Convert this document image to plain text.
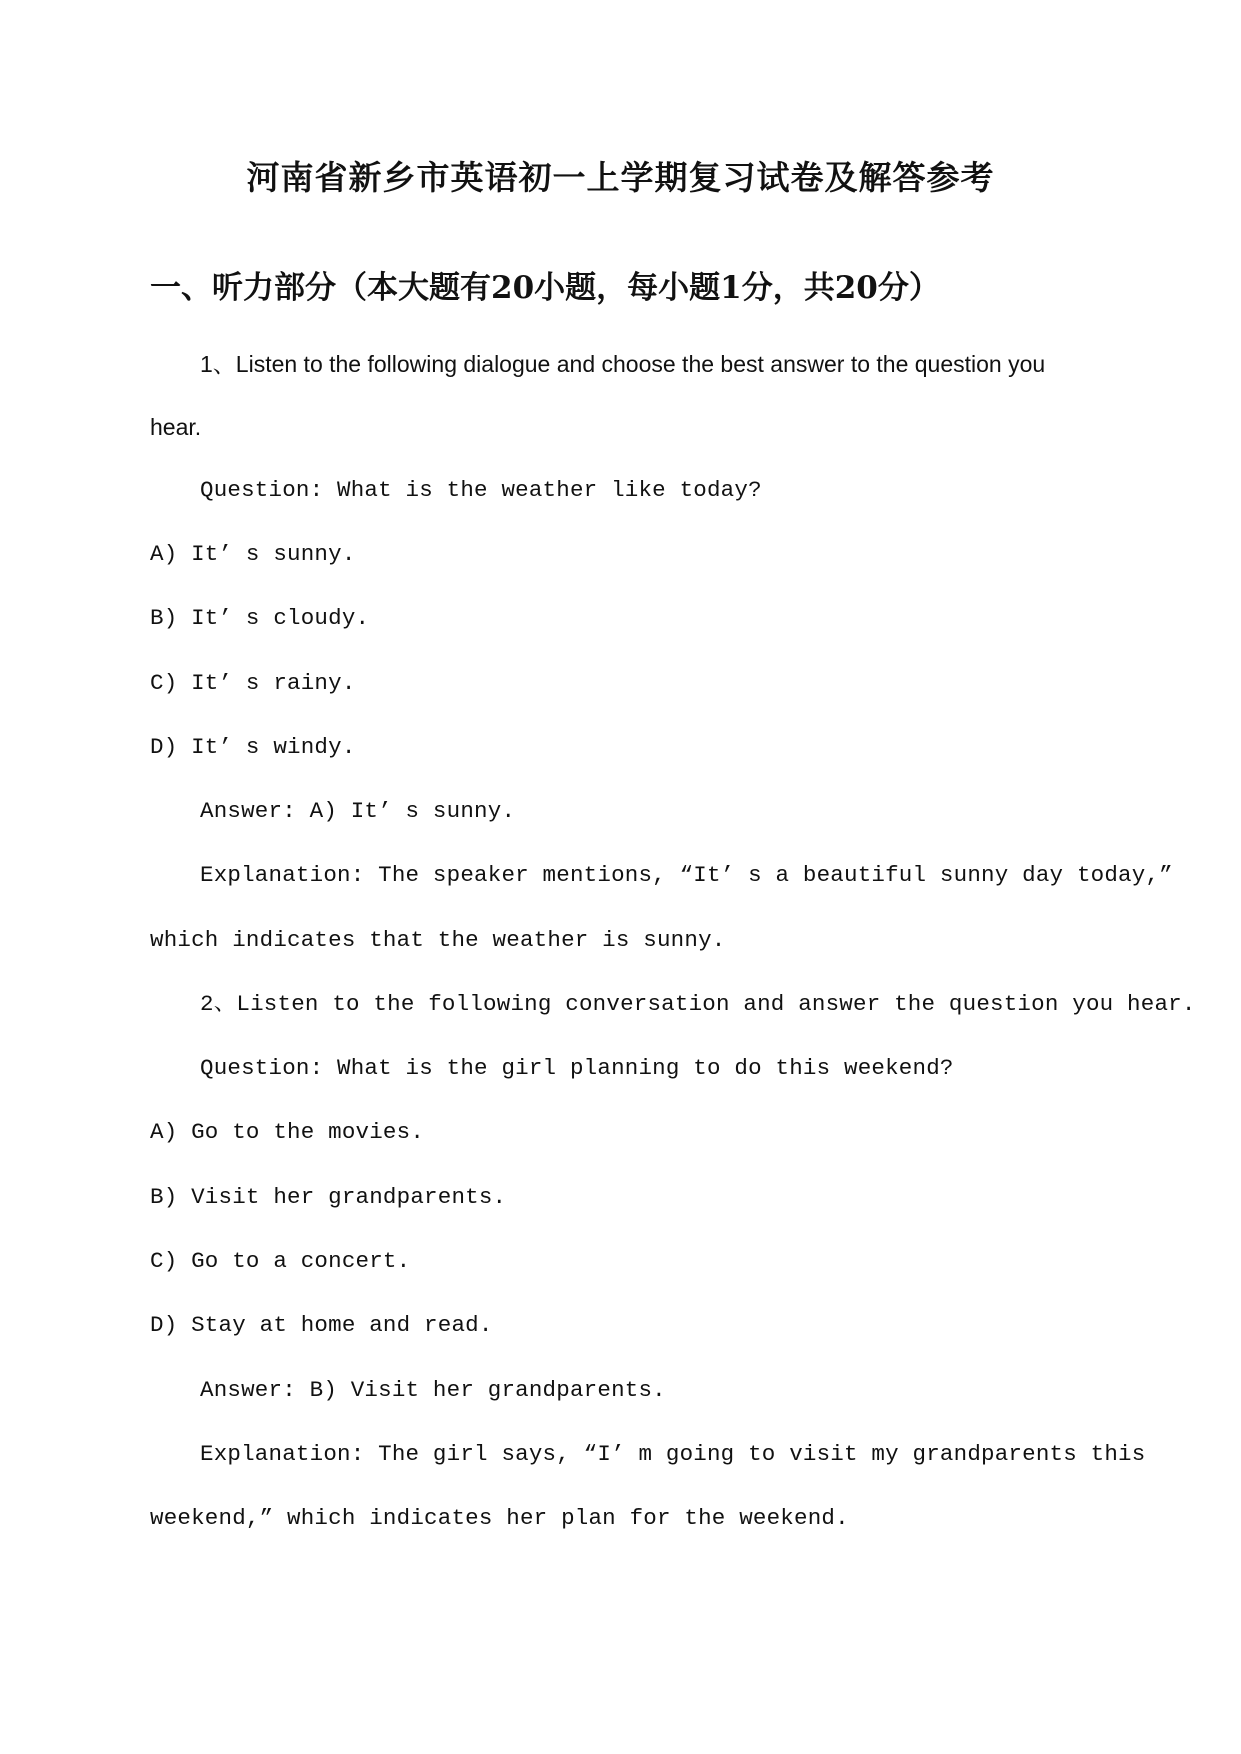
河南省新乡市英语初一上学期复习试卷及解答参考
一、听力部分（本大题有20小题，每小题1分，共20分）
1、Listen to the following dialogue and choose the best answer to the question you
hear.
Question: What is the weather like today?
A) It’ s sunny.
B) It’ s cloudy.
C) It’ s rainy.
D) It’ s windy.
Answer: A) It’ s sunny.
Explanation: The speaker mentions, “It’ s a beautiful sunny day today,”
which indicates that the weather is sunny.
2、Listen to the following conversation and answer the question you hear.
Question: What is the girl planning to do this weekend?
A) Go to the movies.
B) Visit her grandparents.
C) Go to a concert.
D) Stay at home and read.
Answer: B) Visit her grandparents.
Explanation: The girl says, “I’ m going to visit my grandparents this
weekend,” which indicates her plan for the weekend.
